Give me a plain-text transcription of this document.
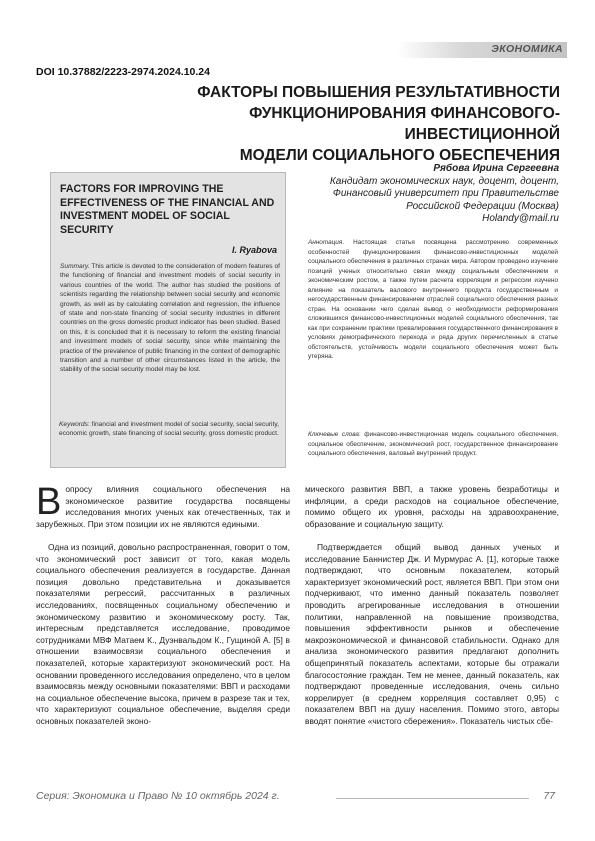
ЭКОНОМИКА
DOI 10.37882/2223-2974.2024.10.24
ФАКТОРЫ ПОВЫШЕНИЯ РЕЗУЛЬТАТИВНОСТИ
ФУНКЦИОНИРОВАНИЯ ФИНАНСОВОГО-ИНВЕСТИЦИОННОЙ
МОДЕЛИ СОЦИАЛЬНОГО ОБЕСПЕЧЕНИЯ
Рябова Ирина Сергеевна
Кандидат экономических наук, доцент, доцент,
Финансовый университет при Правительстве
Российской Федерации (Москва)
Holandy@mail.ru
FACTORS FOR IMPROVING THE EFFECTIVENESS OF THE FINANCIAL AND INVESTMENT MODEL OF SOCIAL SECURITY
I. Ryabova
Summary. This article is devoted to the consideration of modern features of the functioning of financial and investment models of social security in various countries of the world. The author has studied the positions of scientists regarding the relationship between social security and economic growth, as well as by calculating correlation and regression, the influence of state and non-state financing of social security industries in different countries on the gross domestic product indicator has been studied. Based on this, it is concluded that it is necessary to reform the existing financial and investment models of social security, since while maintaining the practice of the prevalence of public financing in the context of demographic transition and a number of other circumstances listed in the article, the stability of the social security model may be lost.
Keywords: financial and investment model of social security, social security, economic growth, state financing of social security, gross domestic product.
Аннотация. Настоящая статья посвящена рассмотрению современных особенностей функционирования финансово-инвестиционных моделей социального обеспечения в различных странах мира. Автором проведено изучение позиций ученых относительно связи между социальным обеспечением и экономическим ростом, а также путем расчета корреляции и регрессии изучено влияние на показатель валового внутреннего продукта государственным и негосударственным финансированием отраслей социального обеспечения разных стран. На основании чего сделан вывод о необходимости реформирования сложившихся финансово-инвестиционных моделей социального обеспечения, так как при сохранении практики превалирования государственного финансирования в условиях демографического перехода и ряда других перечисленных в статье обстоятельств, устойчивость модели социального обеспечения может быть утеряна.
Ключевые слова: финансово-инвестиционная модель социального обеспечения, социальное обеспечение, экономический рост, государственное финансирование социального обеспечения, валовый внутренний продукт.

Вопросу влияния социального обеспечения на экономическое развитие государства посвящены исследования многих ученых как отечественных, так и зарубежных. При этом позиции их не являются едиными.

Одна из позиций, довольно распространенная, говорит о том, что экономический рост зависит от того, какая модель социального обеспечения реализуется в государстве. Данная позиция довольно представительна и доказывается показателями регрессий, рассчитанных в различных исследованиях, посвященных социальному обеспечению и экономическому развитию и экономическому росту. Так, интересным представляется исследование, проводимое сотрудниками МВФ Матаем К., Дуэнвальдом К., Гущиной А. [5] в отношении взаимосвязи социального обеспечения и показателей, которые характеризуют экономический рост. На основании проведенного исследования определено, что в целом взаимосвязь между основными показателями: ВВП и расходами на социальное обеспечение высока, причем в разрезе так и тех, что характеризуют социальное обеспечение, выделяя среди основных показателей эконо-

мического развития ВВП, а также уровень безработицы и инфляции, а среди расходов на социальное обеспечение, помимо общего их уровня, расходы на здравоохранение, образование и социальную защиту.

Подтверждается общий вывод данных ученых и исследование Баннистер Дж. И Мурмурас А. [1], которые также подтверждают, что основным показателем, который характеризует экономический рост, является ВВП. При этом они подчеркивают, что именно данный показатель позволяет проводить агрегированные исследования в отношении политики, направленной на повышение производства, повышения эффективности рынков и обеспечение макроэкономической и финансовой стабильности. Однако для анализа экономического развития предлагают дополнить общепринятый показатель аспектами, которые бы отражали благосостояние граждан. Тем не менее, данный показатель, как подтверждают проведенные исследования, очень сильно коррелирует (в среднем корреляция составляет 0,95) с показателем ВВП на душу населения. Помимо этого, авторы вводят понятие «чистого сбережения». Показатель чистых сбе-

Серия: Экономика и Право № 10 октябрь 2024 г.	77
